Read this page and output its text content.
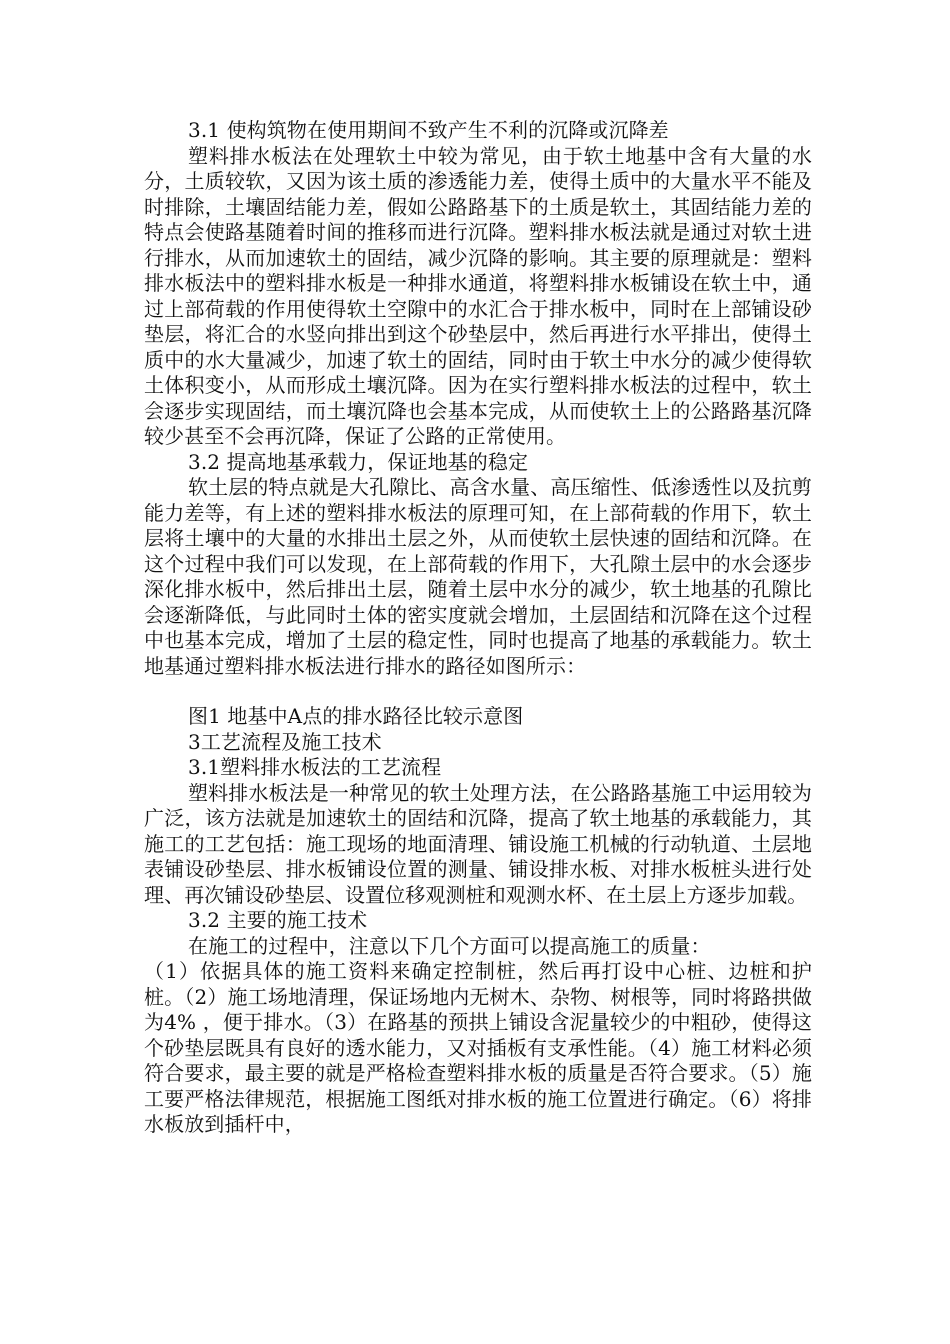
3.1 使构筑物在使用期间不致产生不利的沉降或沉降差

塑料排水板法在处理软土中较为常见，由于软土地基中含有大量的水分，土质较软，又因为该土质的渗透能力差，使得土质中的大量水平不能及时排除，土壤固结能力差，假如公路路基下的土质是软土，其固结能力差的特点会使路基随着时间的推移而进行沉降。塑料排水板法就是通过对软土进行排水，从而加速软土的固结，减少沉降的影响。其主要的原理就是：塑料排水板法中的塑料排水板是一种排水通道，将塑料排水板铺设在软土中，通过上部荷载的作用使得软土空隙中的水汇合于排水板中，同时在上部铺设砂垫层，将汇合的水竖向排出到这个砂垫层中，然后再进行水平排出，使得土质中的水大量减少，加速了软土的固结，同时由于软土中水分的减少使得软土体积变小，从而形成土壤沉降。因为在实行塑料排水板法的过程中，软土会逐步实现固结，而土壤沉降也会基本完成，从而使软土上的公路路基沉降较少甚至不会再沉降，保证了公路的正常使用。

3.2 提高地基承载力，保证地基的稳定

软土层的特点就是大孔隙比、高含水量、高压缩性、低渗透性以及抗剪能力差等，有上述的塑料排水板法的原理可知，在上部荷载的作用下，软土层将土壤中的大量的水排出土层之外，从而使软土层快速的固结和沉降。在这个过程中我们可以发现，在上部荷载的作用下，大孔隙土层中的水会逐步深化排水板中，然后排出土层，随着土层中水分的减少，软土地基的孔隙比会逐渐降低，与此同时土体的密实度就会增加，土层固结和沉降在这个过程中也基本完成，增加了土层的稳定性，同时也提高了地基的承载能力。软土地基通过塑料排水板法进行排水的路径如图所示：

图1 地基中A点的排水路径比较示意图

3工艺流程及施工技术

3.1塑料排水板法的工艺流程

塑料排水板法是一种常见的软土处理方法，在公路路基施工中运用较为广泛，该方法就是加速软土的固结和沉降，提高了软土地基的承载能力，其施工的工艺包括：施工现场的地面清理、铺设施工机械的行动轨道、土层地表铺设砂垫层、排水板铺设位置的测量、铺设排水板、对排水板桩头进行处理、再次铺设砂垫层、设置位移观测桩和观测水杯、在土层上方逐步加载。

3.2 主要的施工技术

在施工的过程中，注意以下几个方面可以提高施工的质量：

（1）依据具体的施工资料来确定控制桩，然后再打设中心桩、边桩和护桩。（2）施工场地清理，保证场地内无树木、杂物、树根等，同时将路拱做为4% ，便于排水。（3）在路基的预拱上铺设含泥量较少的中粗砂，使得这个砂垫层既具有良好的透水能力，又对插板有支承性能。（4）施工材料必须符合要求，最主要的就是严格检查塑料排水板的质量是否符合要求。（5）施工要严格法律规范，根据施工图纸对排水板的施工位置进行确定。（6）将排水板放到插杆中，
